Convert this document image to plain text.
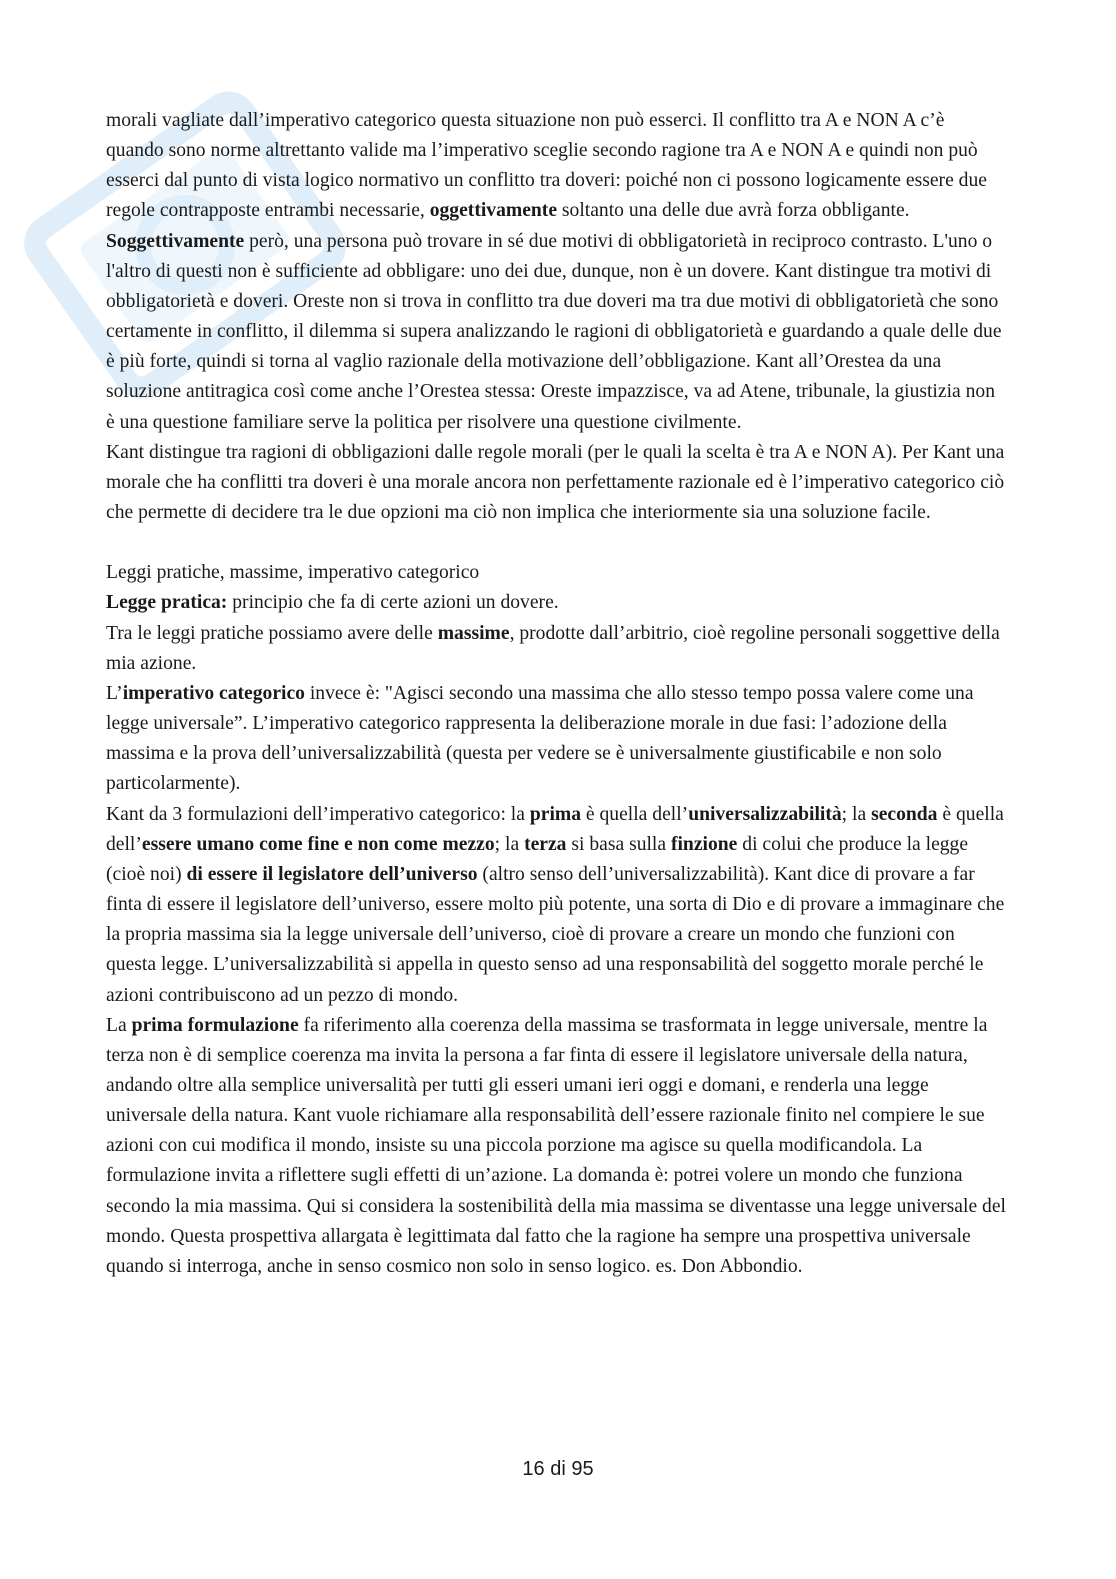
morali vagliate dall’imperativo categorico questa situazione non può esserci. Il conflitto tra A e NON A c’è quando sono norme altrettanto valide ma l’imperativo sceglie secondo ragione tra A e NON A e quindi non può esserci dal punto di vista logico normativo un conflitto tra doveri: poiché non ci possono logicamente essere due regole contrapposte entrambi necessarie, oggettivamente soltanto una delle due avrà forza obbligante. Soggettivamente però, una persona può trovare in sé due motivi di obbligatorietà in reciproco contrasto. L'uno o l'altro di questi non è sufficiente ad obbligare: uno dei due, dunque, non è un dovere. Kant distingue tra motivi di obbligatorietà e doveri. Oreste non si trova in conflitto tra due doveri ma tra due motivi di obbligatorietà che sono certamente in conflitto, il dilemma si supera analizzando le ragioni di obbligatorietà e guardando a quale delle due è più forte, quindi si torna al vaglio razionale della motivazione dell’obbligazione. Kant all’Orestea da una soluzione antitragica così come anche l’Orestea stessa: Oreste impazzisce, va ad Atene, tribunale, la giustizia non è una questione familiare serve la politica per risolvere una questione civilmente.

Kant distingue tra ragioni di obbligazioni dalle regole morali (per le quali la scelta è tra A e NON A). Per Kant una morale che ha conflitti tra doveri è una morale ancora non perfettamente razionale ed è l’imperativo categorico ciò che permette di decidere tra le due opzioni ma ciò non implica che interiormente sia una soluzione facile.

Leggi pratiche, massime, imperativo categorico

Legge pratica: principio che fa di certe azioni un dovere.

Tra le leggi pratiche possiamo avere delle massime, prodotte dall’arbitrio, cioè regoline personali soggettive della mia azione.

L’imperativo categorico invece è: "Agisci secondo una massima che allo stesso tempo possa valere come una legge universale”. L’imperativo categorico rappresenta la deliberazione morale in due fasi: l’adozione della massima e la prova dell’universalizzabilità (questa per vedere se è universalmente giustificabile e non solo particolarmente).

Kant da 3 formulazioni dell’imperativo categorico: la prima è quella dell’universalizzabilità; la seconda è quella dell’essere umano come fine e non come mezzo; la terza si basa sulla finzione di colui che produce la legge (cioè noi) di essere il legislatore dell’universo (altro senso dell’universalizzabilità). Kant dice di provare a far finta di essere il legislatore dell’universo, essere molto più potente, una sorta di Dio e di provare a immaginare che la propria massima sia la legge universale dell’universo, cioè di provare a creare un mondo che funzioni con questa legge. L’universalizzabilità si appella in questo senso ad una responsabilità del soggetto morale perché le azioni contribuiscono ad un pezzo di mondo.

La prima formulazione fa riferimento alla coerenza della massima se trasformata in legge universale, mentre la terza non è di semplice coerenza ma invita la persona a far finta di essere il legislatore universale della natura, andando oltre alla semplice universalità per tutti gli esseri umani ieri oggi e domani, e renderla una legge universale della natura. Kant vuole richiamare alla responsabilità dell’essere razionale finito nel compiere le sue azioni con cui modifica il mondo, insiste su una piccola porzione ma agisce su quella modificandola. La formulazione invita a riflettere sugli effetti di un’azione. La domanda è: potrei volere un mondo che funziona secondo la mia massima. Qui si considera la sostenibilità della mia massima se diventasse una legge universale del mondo. Questa prospettiva allargata è legittimata dal fatto che la ragione ha sempre una prospettiva universale quando si interroga, anche in senso cosmico non solo in senso logico. es. Don Abbondio.

16 di 95
